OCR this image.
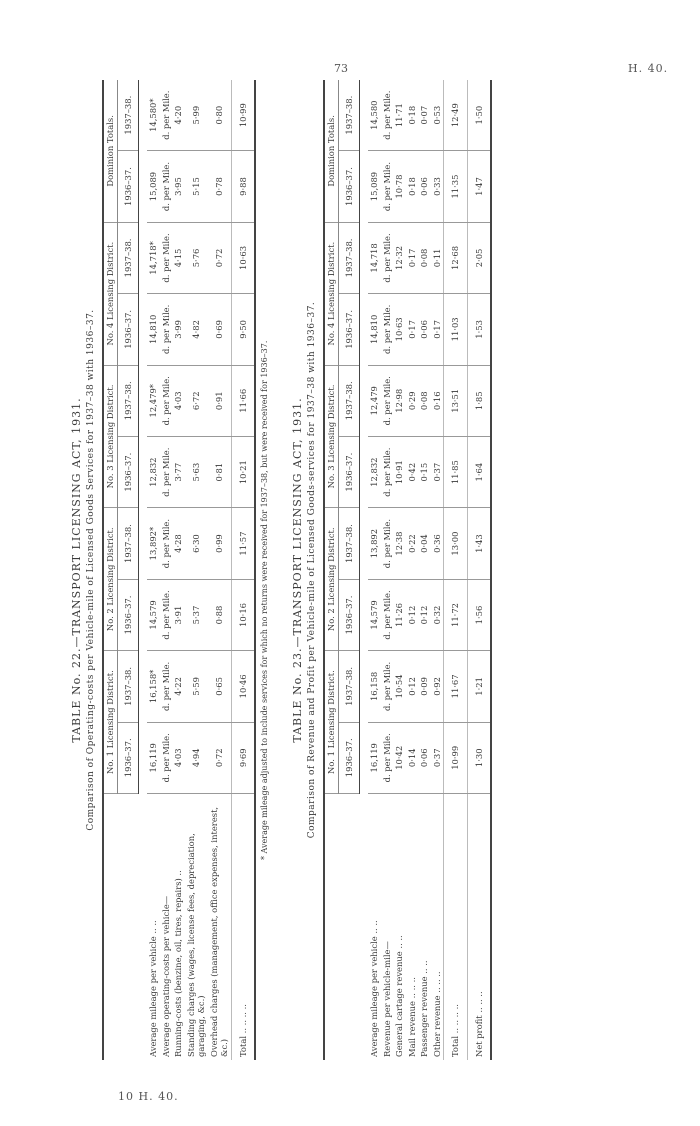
73	H. 40.
10 H. 40.

TABLE No. 22.—TRANSPORT LICENSING ACT, 1931. Comparison of Operating-costs per Vehicle-mile of Licensed Goods Services for 1937–38 with 1936–37.

	No. 1 Licensing District.		No. 2 Licensing District.		No. 3 Licensing District.		No. 4 Licensing District.		Dominion Totals.	
	1936–37.	1937–38.	1936–37.	1937–38.	1936–37.	1937–38.	1936–37.	1937–38.	1936–37.	1937–38.

Average mileage per vehicle .. ..	16,119	16,158*	14,579	13,892*	12,832	12,479*	14,810	14,718*	15,089	14,580*
Average operating-costs per vehicle—	d. per Mile.	d. per Mile.	d. per Mile.	d. per Mile.	d. per Mile.	d. per Mile.	d. per Mile.	d. per Mile.	d. per Mile.	d. per Mile.
Running-costs (benzine, oil, tires, repairs) ..	4·03	4·22	3·91	4·28	3·77	4·03	3·99	4·15	3·95	4·20
Standing charges (wages, license fees, depreciation, garaging, &c.)	4·94	5·59	5·37	6·30	5·63	6·72	4·82	5·76	5·15	5·99
Overhead charges (management, office expenses, interest, &c.)	0·72	0·65	0·88	0·99	0·81	0·91	0·69	0·72	0·78	0·80
Total .. .. .. ..	9·69	10·46	10·16	11·57	10·21	11·66	9·50	10·63	9·88	10·99

* Average mileage adjusted to include services for which no returns were received for 1937–38, but were received for 1936–37. TABLE No. 23.—TRANSPORT LICENSING ACT, 1931. Comparison of Revenue and Profit per Vehicle-mile of Licensed Goods-services for 1937–38 with 1936–37.

	No. 1 Licensing District.		No. 2 Licensing District.		No. 3 Licensing District.		No. 4 Licensing District.		Dominion Totals.	
	1936–37.	1937–38.	1936–37.	1937–38.	1936–37.	1937–38.	1936–37.	1937–38.	1936–37.	1937–38.

Average mileage per vehicle .. ..	16,119	16,158	14,579	13,892	12,832	12,479	14,810	14,718	15,089	14,580
Revenue per vehicle-mile—	d. per Mile.	d. per Mile.	d. per Mile.	d. per Mile.	d. per Mile.	d. per Mile.	d. per Mile.	d. per Mile.	d. per Mile.	d. per Mile.
General cartage revenue .. ..	10·42	10·54	11·26	12·38	10·91	12·98	10·63	12·32	10·78	11·71
Mail revenue .. .. ..	0·14	0·12	0·12	0·22	0·42	0·29	0·17	0·17	0·18	0·18
Passenger revenue .. ..	0·06	0·09	0·12	0·04	0·15	0·08	0·06	0·08	0·06	0·07
Other revenue .. .. ..	0·37	0·92	0·32	0·36	0·37	0·16	0·17	0·11	0·33	0·53
Total .. .. .. ..	10·99	11·67	11·72	13·00	11·85	13·51	11·03	12·68	11·35	12·49
Net profit .. .. ..	1·30	1·21	1·56	1·43	1·64	1·85	1·53	2·05	1·47	1·50
